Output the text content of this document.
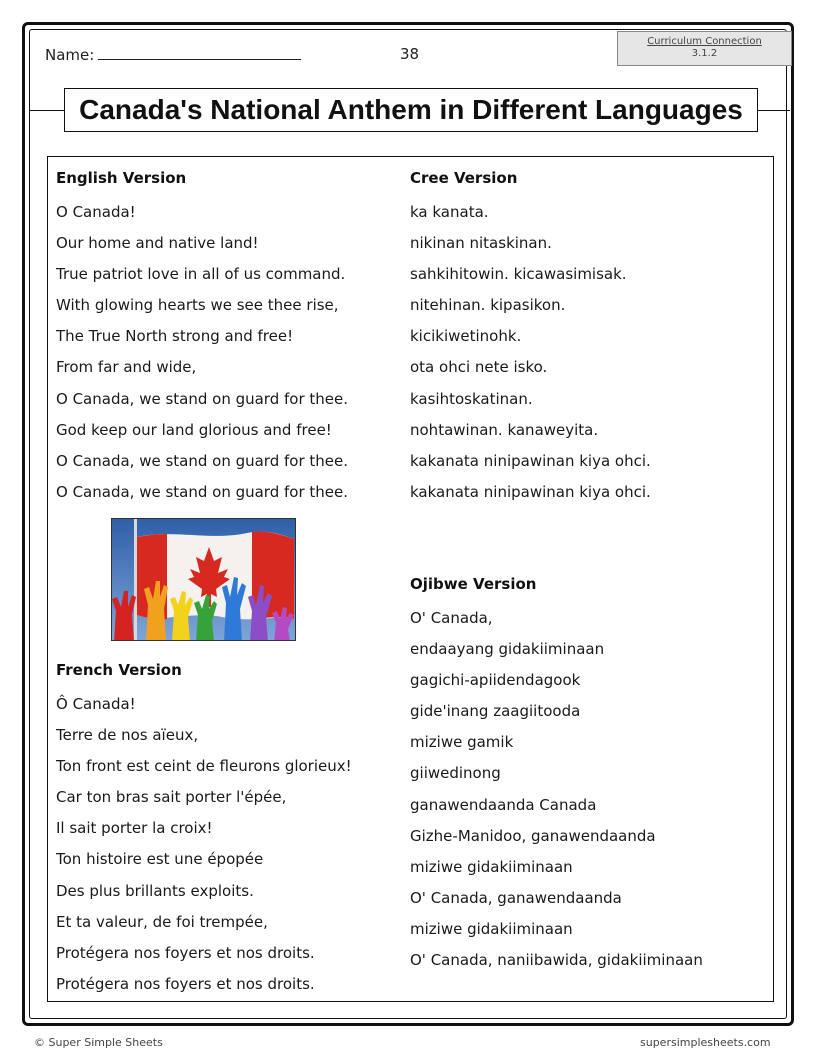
Name:	38
Curriculum Connection
3.1.2
Canada's National Anthem in Different Languages
English Version
O Canada!
Our home and native land!
True patriot love in all of us command.
With glowing hearts we see thee rise,
The True North strong and free!
From far and wide,
O Canada, we stand on guard for thee.
God keep our land glorious and free!
O Canada, we stand on guard for thee.
O Canada, we stand on guard for thee.
French Version
Ô Canada!
Terre de nos aïeux,
Ton front est ceint de fleurons glorieux!
Car ton bras sait porter l'épée,
Il sait porter la croix!
Ton histoire est une épopée
Des plus brillants exploits.
Et ta valeur, de foi trempée,
Protégera nos foyers et nos droits.
Protégera nos foyers et nos droits.
Cree Version
ka kanata.
nikinan nitaskinan.
sahkihitowin. kicawasimisak.
nitehinan. kipasikon.
kicikiwetinohk.
ota ohci nete isko.
kasihtoskatinan.
nohtawinan. kanaweyita.
kakanata ninipawinan kiya ohci.
kakanata ninipawinan kiya ohci.
Ojibwe Version
O' Canada,
endaayang gidakiiminaan
gagichi-apiidendagook
gide'inang zaagiitooda
miziwe gamik
giiwedinong
ganawendaanda Canada
Gizhe-Manidoo, ganawendaanda
miziwe gidakiiminaan
O' Canada, ganawendaanda
miziwe gidakiiminaan
O' Canada, naniibawida, gidakiiminaan
© Super Simple Sheets	supersimplesheets.com
